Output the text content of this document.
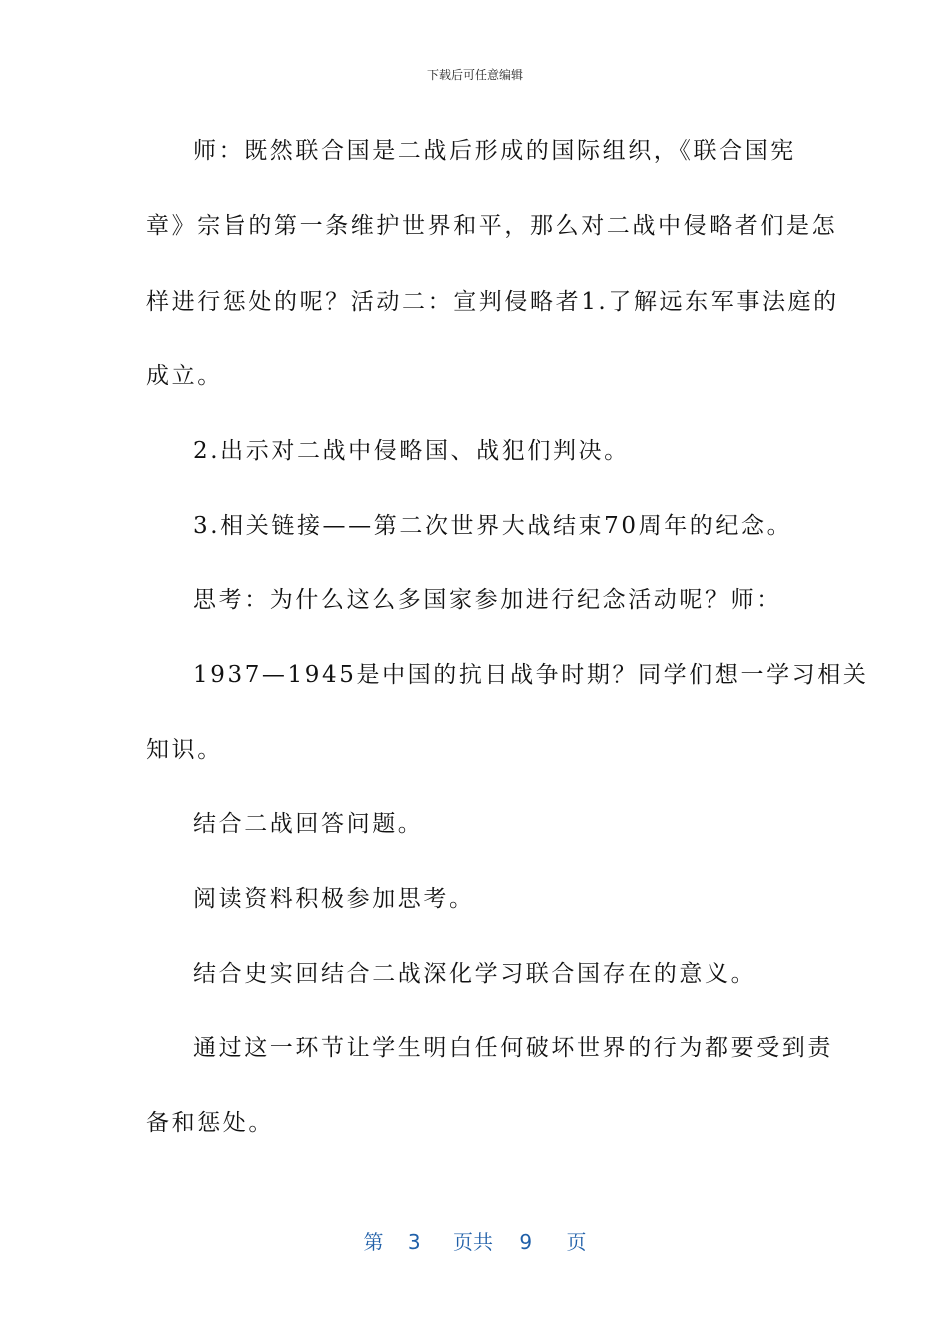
下载后可任意编辑
师：既然联合国是二战后形成的国际组织，《联合国宪
章》宗旨的第一条维护世界和平，那么对二战中侵略者们是怎
样进行惩处的呢？活动二：宣判侵略者1.了解远东军事法庭的
成立。
2.出示对二战中侵略国、战犯们判决。
3.相关链接——第二次世界大战结束70周年的纪念。
思考：为什么这么多国家参加进行纪念活动呢？师：
1937—1945是中国的抗日战争时期？同学们想一学习相关
知识。
结合二战回答问题。
阅读资料积极参加思考。
结合史实回结合二战深化学习联合国存在的意义。
通过这一环节让学生明白任何破坏世界的行为都要受到责
备和惩处。
第 3 页共 9 页
